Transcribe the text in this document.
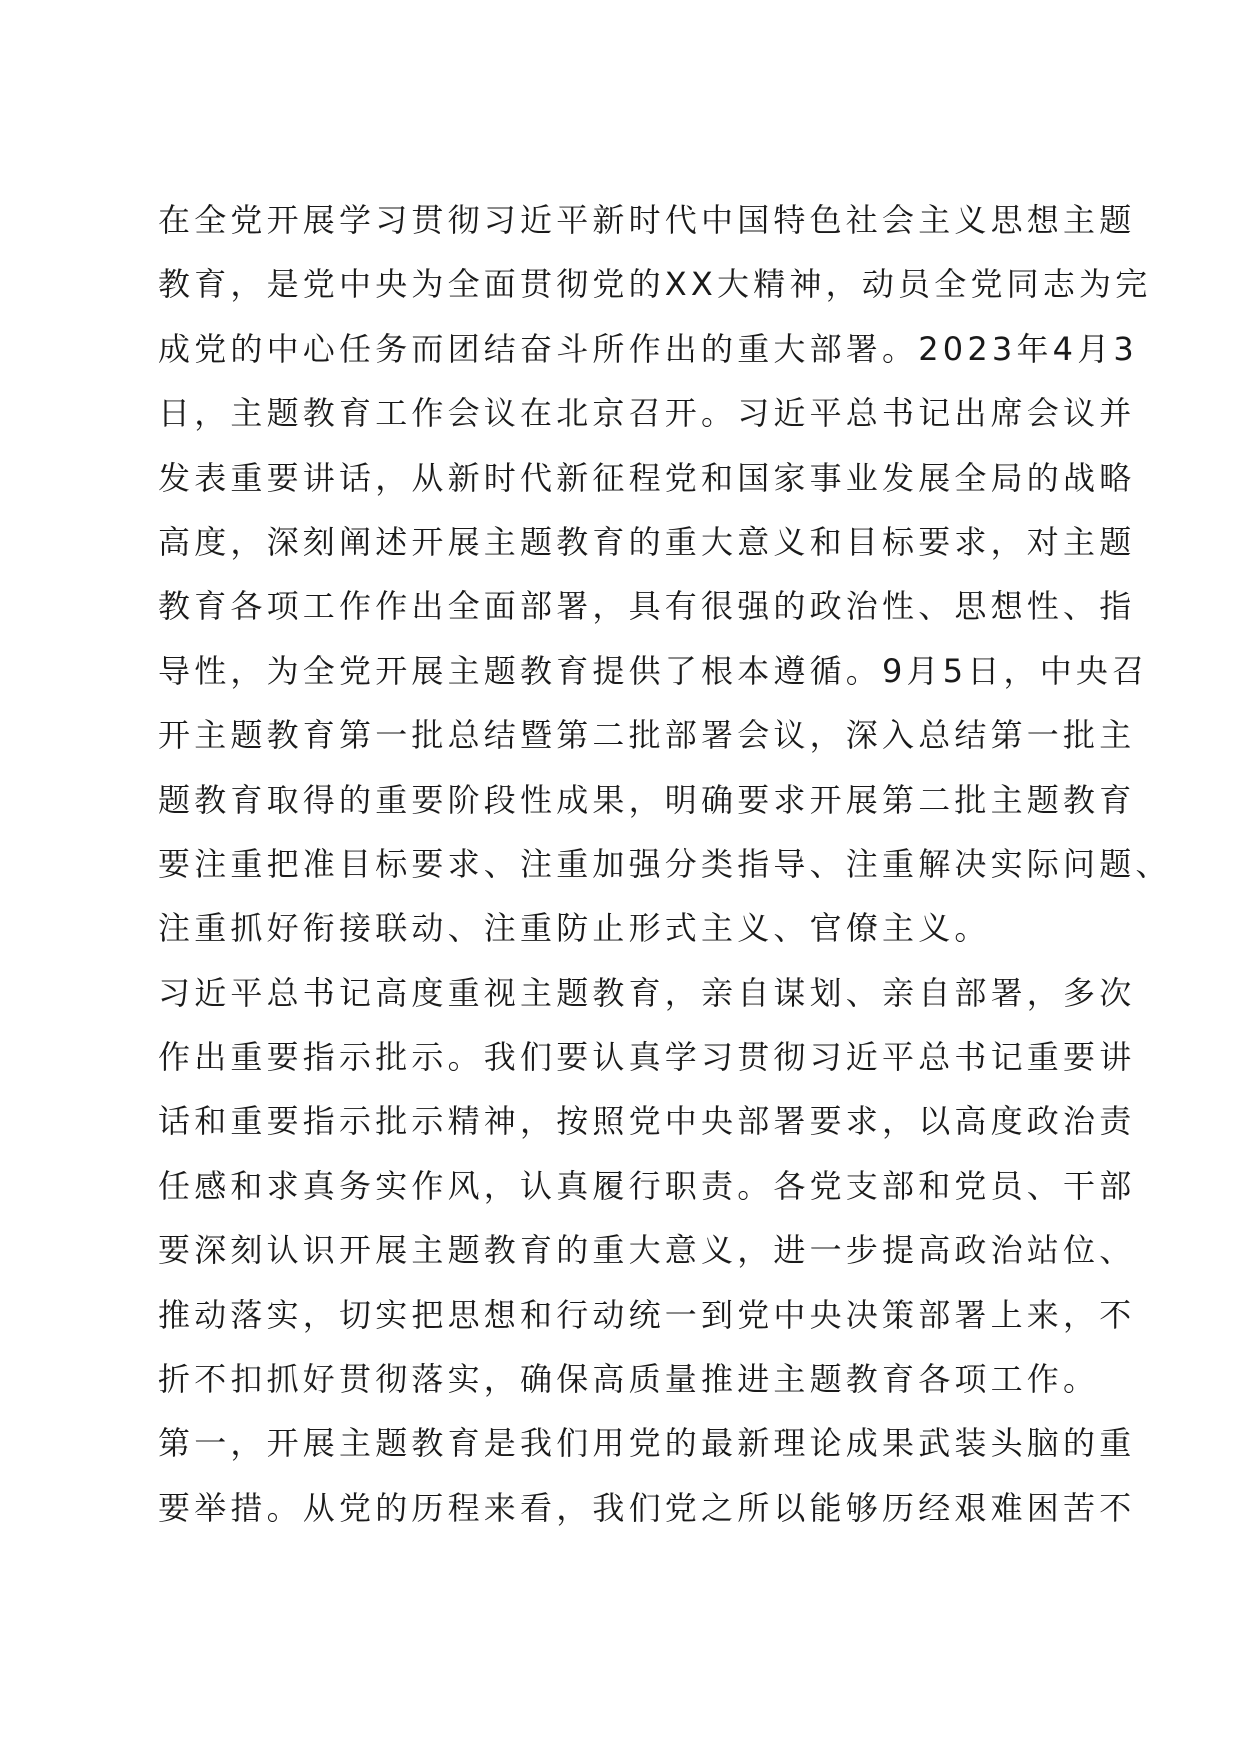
在全党开展学习贯彻习近平新时代中国特色社会主义思想主题
教育，是党中央为全面贯彻党的XX大精神，动员全党同志为完
成党的中心任务而团结奋斗所作出的重大部署。2023年4月3
日，主题教育工作会议在北京召开。习近平总书记出席会议并
发表重要讲话，从新时代新征程党和国家事业发展全局的战略
高度，深刻阐述开展主题教育的重大意义和目标要求，对主题
教育各项工作作出全面部署，具有很强的政治性、思想性、指
导性，为全党开展主题教育提供了根本遵循。9月5日，中央召
开主题教育第一批总结暨第二批部署会议，深入总结第一批主
题教育取得的重要阶段性成果，明确要求开展第二批主题教育
要注重把准目标要求、注重加强分类指导、注重解决实际问题、
注重抓好衔接联动、注重防止形式主义、官僚主义。
习近平总书记高度重视主题教育，亲自谋划、亲自部署，多次
作出重要指示批示。我们要认真学习贯彻习近平总书记重要讲
话和重要指示批示精神，按照党中央部署要求，以高度政治责
任感和求真务实作风，认真履行职责。各党支部和党员、干部
要深刻认识开展主题教育的重大意义，进一步提高政治站位、
推动落实，切实把思想和行动统一到党中央决策部署上来，不
折不扣抓好贯彻落实，确保高质量推进主题教育各项工作。
第一，开展主题教育是我们用党的最新理论成果武装头脑的重
要举措。从党的历程来看，我们党之所以能够历经艰难困苦不
